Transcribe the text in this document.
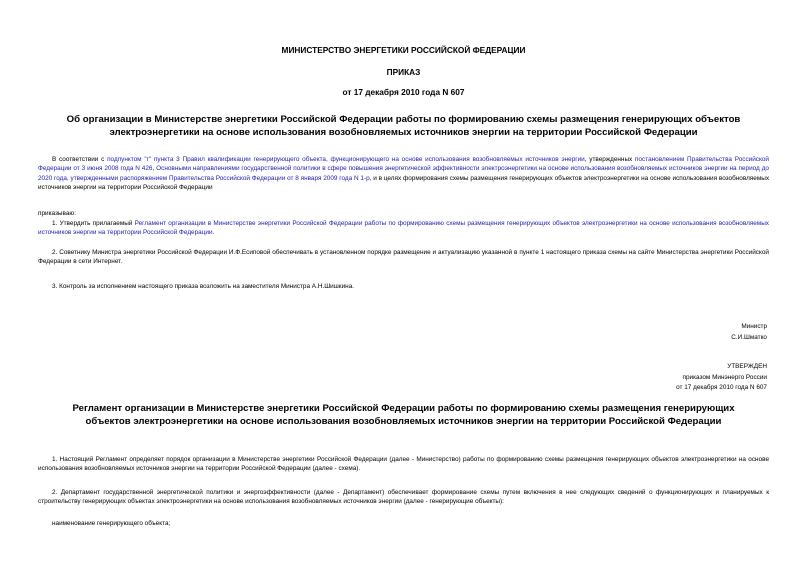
МИНИСТЕРСТВО ЭНЕРГЕТИКИ РОССИЙСКОЙ ФЕДЕРАЦИИ
ПРИКАЗ
от 17 декабря 2010 года N 607
Об организации в Министерстве энергетики Российской Федерации работы по формированию схемы размещения генерирующих объектов электроэнергетики на основе использования возобновляемых источников энергии на территории Российской Федерации
В соответствии с подпунктом "г" пункта 3 Правил квалификации генерирующего объекта, функционирующего на основе использования возобновляемых источников энергии, утвержденных постановлением Правительства Российской Федерации от 3 июня 2008 года N 426, Основными направлениями государственной политики в сфере повышения энергетической эффективности электроэнергетики на основе использования возобновляемых источников энергии на период до 2020 года, утвержденными распоряжением Правительства Российской Федерации от 8 января 2009 года N 1-р, и в целях формирования схемы размещения генерирующих объектов электроэнергетики на основе использования возобновляемых источников энергии на территории Российской Федерации
приказываю:
1. Утвердить прилагаемый Регламент организации в Министерстве энергетики Российской Федерации работы по формированию схемы размещения генерирующих объектов электроэнергетики на основе использования возобновляемых источников энергии на территории Российской Федерации.
2. Советнику Министра энергетики Российской Федерации И.Ф.Есиповой обеспечивать в установленном порядке размещение и актуализацию указанной в пункте 1 настоящего приказа схемы на сайте Министерства энергетики Российской Федерации в сети Интернет.
3. Контроль за исполнением настоящего приказа возложить на заместителя Министра А.Н.Шишкина.
Министр
С.И.Шматко
УТВЕРЖДЕН
приказом Минэнерго России
от 17 декабря 2010 года N 607
Регламент организации в Министерстве энергетики Российской Федерации работы по формированию схемы размещения генерирующих объектов электроэнергетики на основе использования возобновляемых источников энергии на территории Российской Федерации
1. Настоящий Регламент определяет порядок организации в Министерстве энергетики Российской Федерации (далее - Министерство) работы по формированию схемы размещения генерирующих объектов электроэнергетики на основе использования возобновляемых источников энергии на территории Российской Федерации (далее - схема).
2. Департамент государственной энергетической политики и энергоэффективности (далее - Департамент) обеспечивает формирование схемы путем включения в нее следующих сведений о функционирующих и планируемых к строительству генерирующих объектах электроэнергетики на основе использования возобновляемых источников энергии (далее - генерирующие объекты):
наименование генерирующего объекта;
